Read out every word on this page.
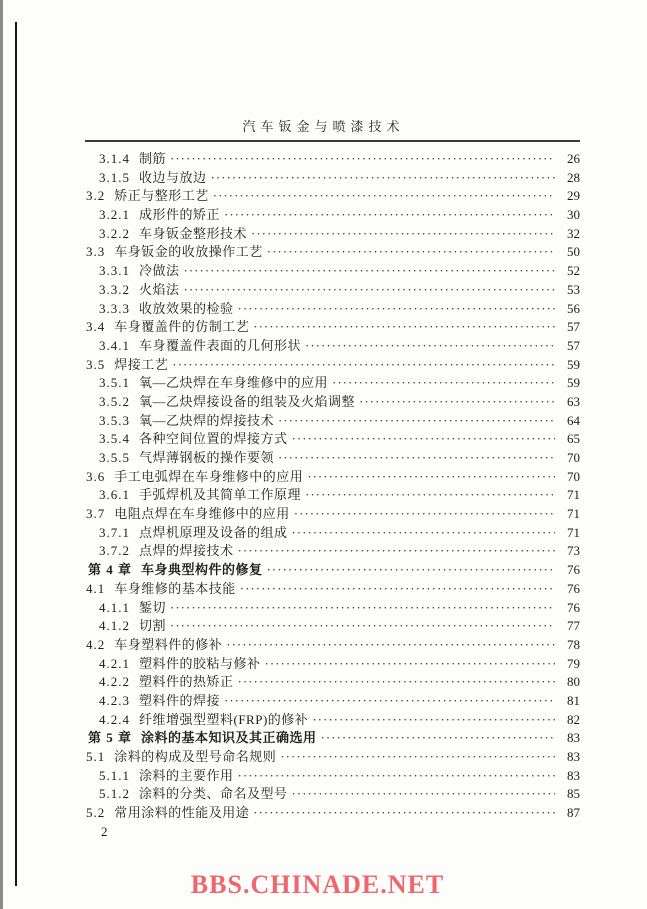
汽车钣金与喷漆技术
3.1.4 制筋 ·····	26
3.1.5 收边与放边 ·····	28
3.2 矫正与整形工艺 ·····	29
3.2.1 成形件的矫正 ·····	30
3.2.2 车身钣金整形技术 ·····	32
3.3 车身钣金的收放操作工艺 ·····	50
3.3.1 冷做法 ·····	52
3.3.2 火焰法 ·····	53
3.3.3 收放效果的检验 ·····	56
3.4 车身覆盖件的仿制工艺 ·····	57
3.4.1 车身覆盖件表面的几何形状 ·····	57
3.5 焊接工艺 ·····	59
3.5.1 氧—乙炔焊在车身维修中的应用 ·····	59
3.5.2 氧—乙炔焊接设备的组装及火焰调整 ·····	63
3.5.3 氧—乙炔焊的焊接技术 ·····	64
3.5.4 各种空间位置的焊接方式 ·····	65
3.5.5 气焊薄钢板的操作要领 ·····	70
3.6 手工电弧焊在车身维修中的应用 ·····	70
3.6.1 手弧焊机及其简单工作原理 ·····	71
3.7 电阻点焊在车身维修中的应用 ·····	71
3.7.1 点焊机原理及设备的组成 ·····	71
3.7.2 点焊的焊接技术 ·····	73
第 4 章 车身典型构件的修复 ·····	76
4.1 车身维修的基本技能 ·····	76
4.1.1 錾切 ·····	76
4.1.2 切割 ·····	77
4.2 车身塑料件的修补 ·····	78
4.2.1 塑料件的胶粘与修补 ·····	79
4.2.2 塑料件的热矫正 ·····	80
4.2.3 塑料件的焊接 ·····	81
4.2.4 纤维增强型塑料(FRP)的修补 ·····	82
第 5 章 涂料的基本知识及其正确选用 ·····	83
5.1 涂料的构成及型号命名规则 ·····	83
5.1.1 涂料的主要作用 ·····	83
5.1.2 涂料的分类、命名及型号 ·····	85
5.2 常用涂料的性能及用途 ·····	87
2
BBS.CHINADE.NET
